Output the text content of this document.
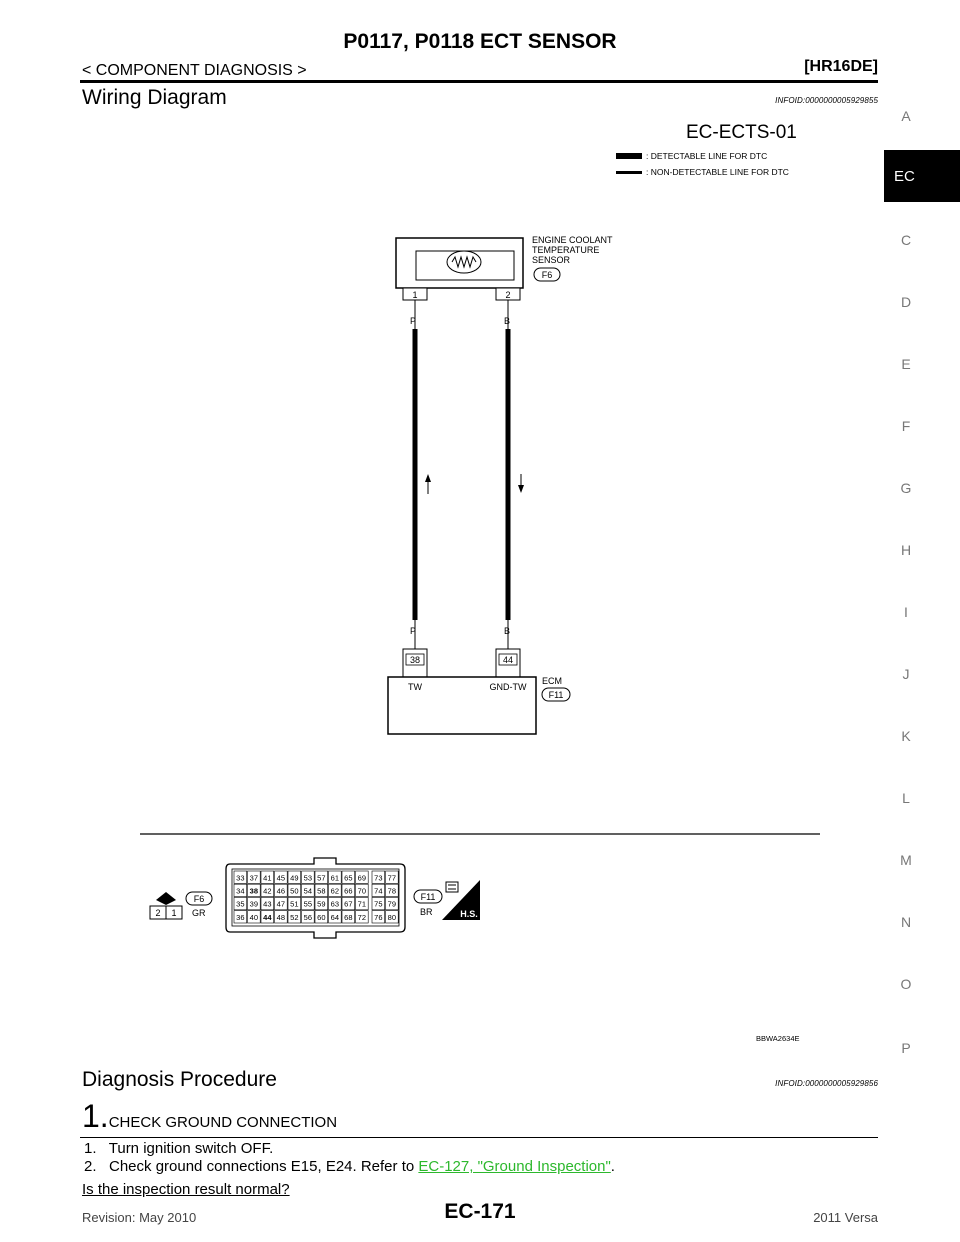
P0117, P0118 ECT SENSOR
< COMPONENT DIAGNOSIS >	[HR16DE]
A
EC
C
D
E
F
G
H
I
J
K
L
M
N
O
P
Wiring Diagram	INFOID:0000000005929855
EC-ECTS-01
: DETECTABLE LINE FOR DTC
: NON-DETECTABLE LINE FOR DTC
ENGINE COOLANT
TEMPERATURE
SENSOR
F6
1	2
P	B
P	B
38	44
TW	GND-TW
ECM
F11
2 1
F6
GR
33 37 41 45 49 53 57 61 65 69 73 77
34 38 42 46 50 54 58 62 66 70 74 78
35 39 43 47 51 55 59 63 67 71 75 79
36 40 44 48 52 56 60 64 68 72 76 80
F11
BR	H.S.
BBWA2634E
Diagnosis Procedure	INFOID:0000000005929856
1. CHECK GROUND CONNECTION
1.   Turn ignition switch OFF.
2.   Check ground connections E15, E24. Refer to EC-127, "Ground Inspection".
Is the inspection result normal?
Revision: May 2010	EC-171	2011 Versa
